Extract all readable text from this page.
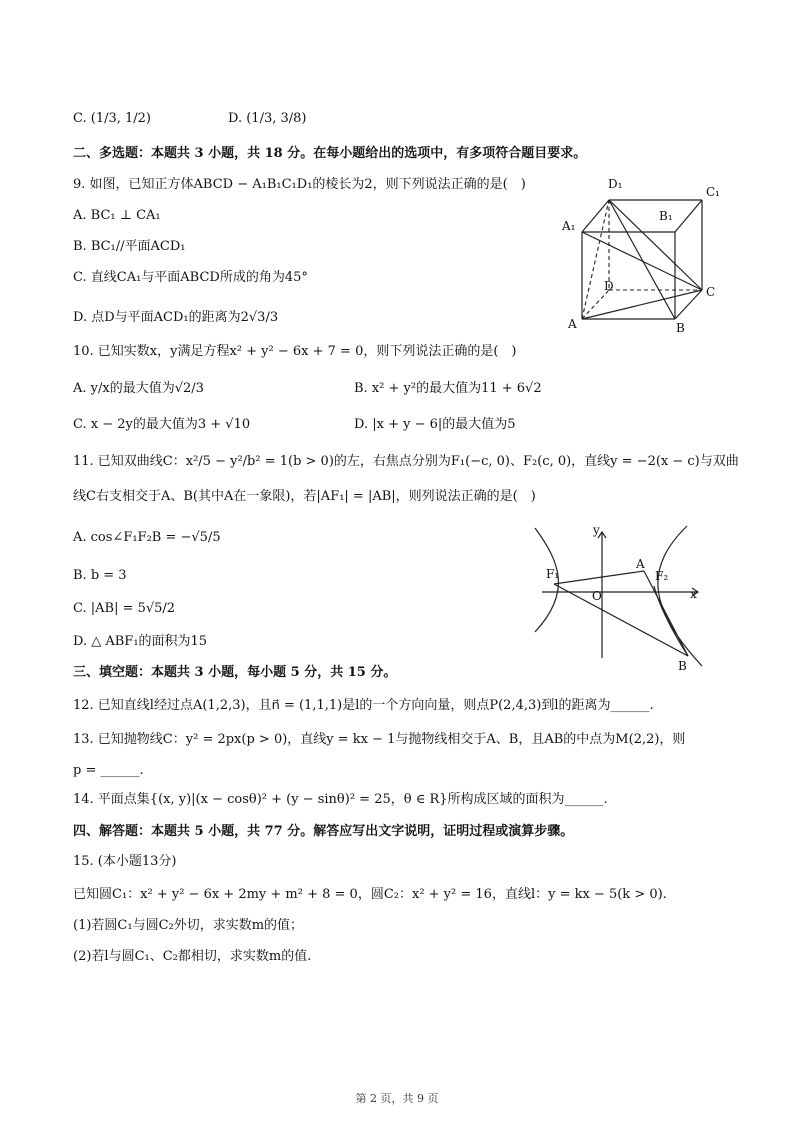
C. (1/3, 1/2)	D. (1/3, 3/8)
二、多选题：本题共 3 小题，共 18 分。在每小题给出的选项中，有多项符合题目要求。
9. 如图，已知正方体ABCD − A₁B₁C₁D₁的棱长为2，则下列说法正确的是(　)
A. BC₁ ⊥ CA₁
B. BC₁//平面ACD₁
C. 直线CA₁与平面ABCD所成的角为45°
D. 点D与平面ACD₁的距离为2√3/3
10. 已知实数x，y满足方程x² + y² − 6x + 7 = 0，则下列说法正确的是(　)
A. y/x的最大值为√2/3	B. x² + y²的最大值为11 + 6√2
C. x − 2y的最大值为3 + √10	D. |x + y − 6|的最大值为5
11. 已知双曲线C：x²/5 − y²/b² = 1(b > 0)的左，右焦点分别为F₁(−c, 0)、F₂(c, 0)，直线y = −2(x − c)与双曲
线C右支相交于A、B(其中A在一象限)，若|AF₁| = |AB|，则列说法正确的是(　)
A. cos∠F₁F₂B = −√5/5
B. b = 3
C. |AB| = 5√5/2
D. △ ABF₁的面积为15
三、填空题：本题共 3 小题，每小题 5 分，共 15 分。
12. 已知直线l经过点A(1,2,3)，且n⃗ = (1,1,1)是l的一个方向向量，则点P(2,4,3)到l的距离为______.
13. 已知抛物线C：y² = 2px(p > 0)，直线y = kx − 1与抛物线相交于A、B，且AB的中点为M(2,2)，则
p = ______.
14. 平面点集{(x, y)|(x − cosθ)² + (y − sinθ)² = 25，θ ∈ R}所构成区域的面积为______.
四、解答题：本题共 5 小题，共 77 分。解答应写出文字说明，证明过程或演算步骤。
15. (本小题13分)
已知圆C₁：x² + y² − 6x + 2my + m² + 8 = 0，圆C₂：x² + y² = 16，直线l：y = kx − 5(k > 0).
(1)若圆C₁与圆C₂外切，求实数m的值；
(2)若l与圆C₁、C₂都相切，求实数m的值.
D₁
C₁
B₁
A₁
D	C
A	B
y
x
O
A
F₁	F₂
B
第 2 页，共 9 页
